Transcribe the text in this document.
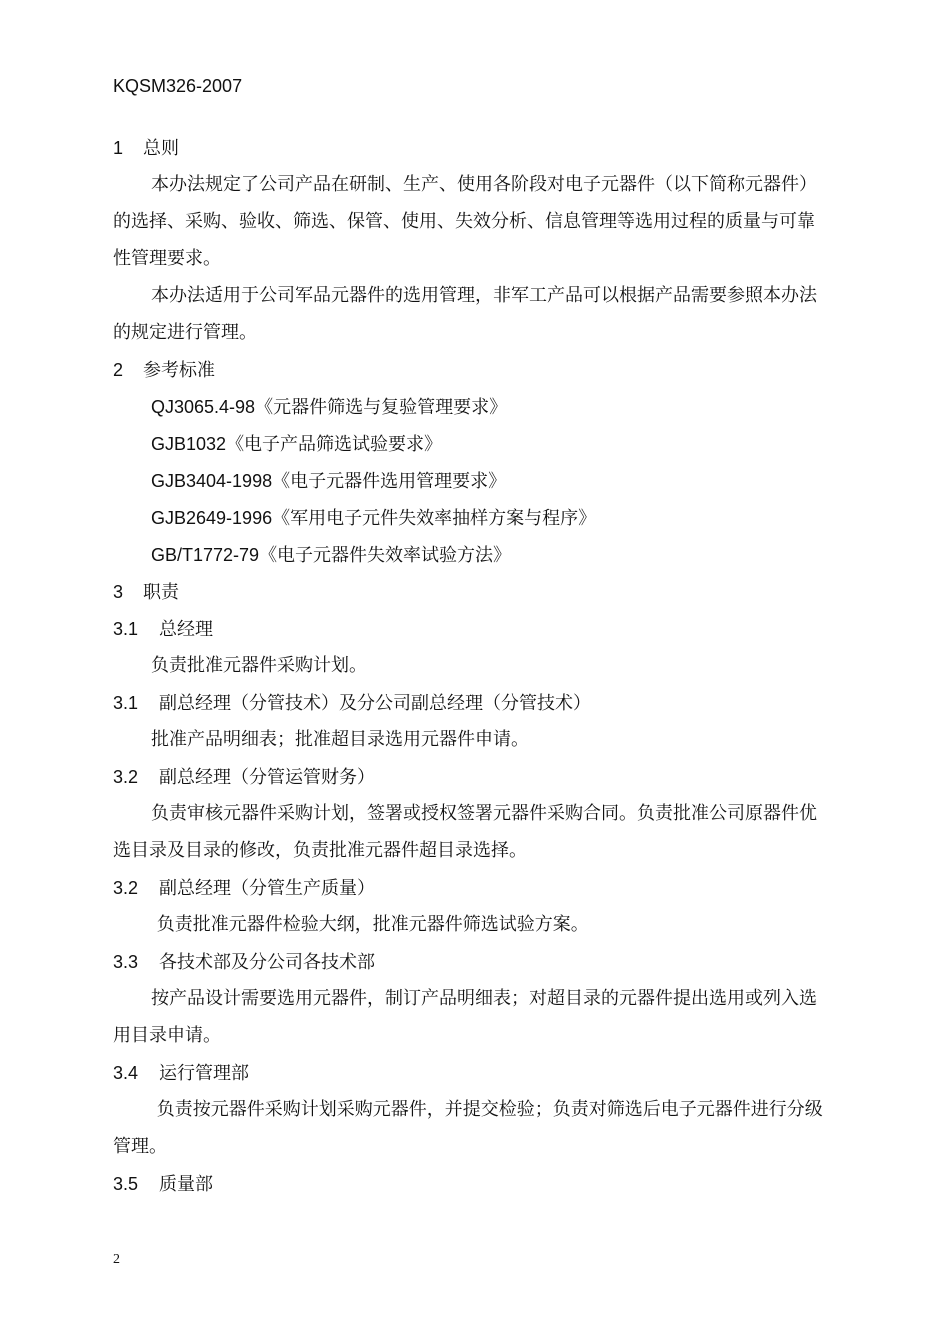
KQSM326-2007
1 总则
本办法规定了公司产品在研制、生产、使用各阶段对电子元器件（以下简称元器件）
的选择、采购、验收、筛选、保管、使用、失效分析、信息管理等选用过程的质量与可靠
性管理要求。
本办法适用于公司军品元器件的选用管理，非军工产品可以根据产品需要参照本办法
的规定进行管理。
2 参考标准
QJ3065.4-98《元器件筛选与复验管理要求》
GJB1032《电子产品筛选试验要求》
GJB3404-1998《电子元器件选用管理要求》
GJB2649-1996《军用电子元件失效率抽样方案与程序》
GB/T1772-79《电子元器件失效率试验方法》
3 职责
3.1 总经理
负责批准元器件采购计划。
3.1 副总经理（分管技术）及分公司副总经理（分管技术）
批准产品明细表；批准超目录选用元器件申请。
3.2 副总经理（分管运管财务）
负责审核元器件采购计划，签署或授权签署元器件采购合同。负责批准公司原器件优
选目录及目录的修改，负责批准元器件超目录选择。
3.2 副总经理（分管生产质量）
负责批准元器件检验大纲，批准元器件筛选试验方案。
3.3 各技术部及分公司各技术部
按产品设计需要选用元器件，制订产品明细表；对超目录的元器件提出选用或列入选
用目录申请。
3.4 运行管理部
负责按元器件采购计划采购元器件，并提交检验；负责对筛选后电子元器件进行分级
管理。
3.5 质量部
2
